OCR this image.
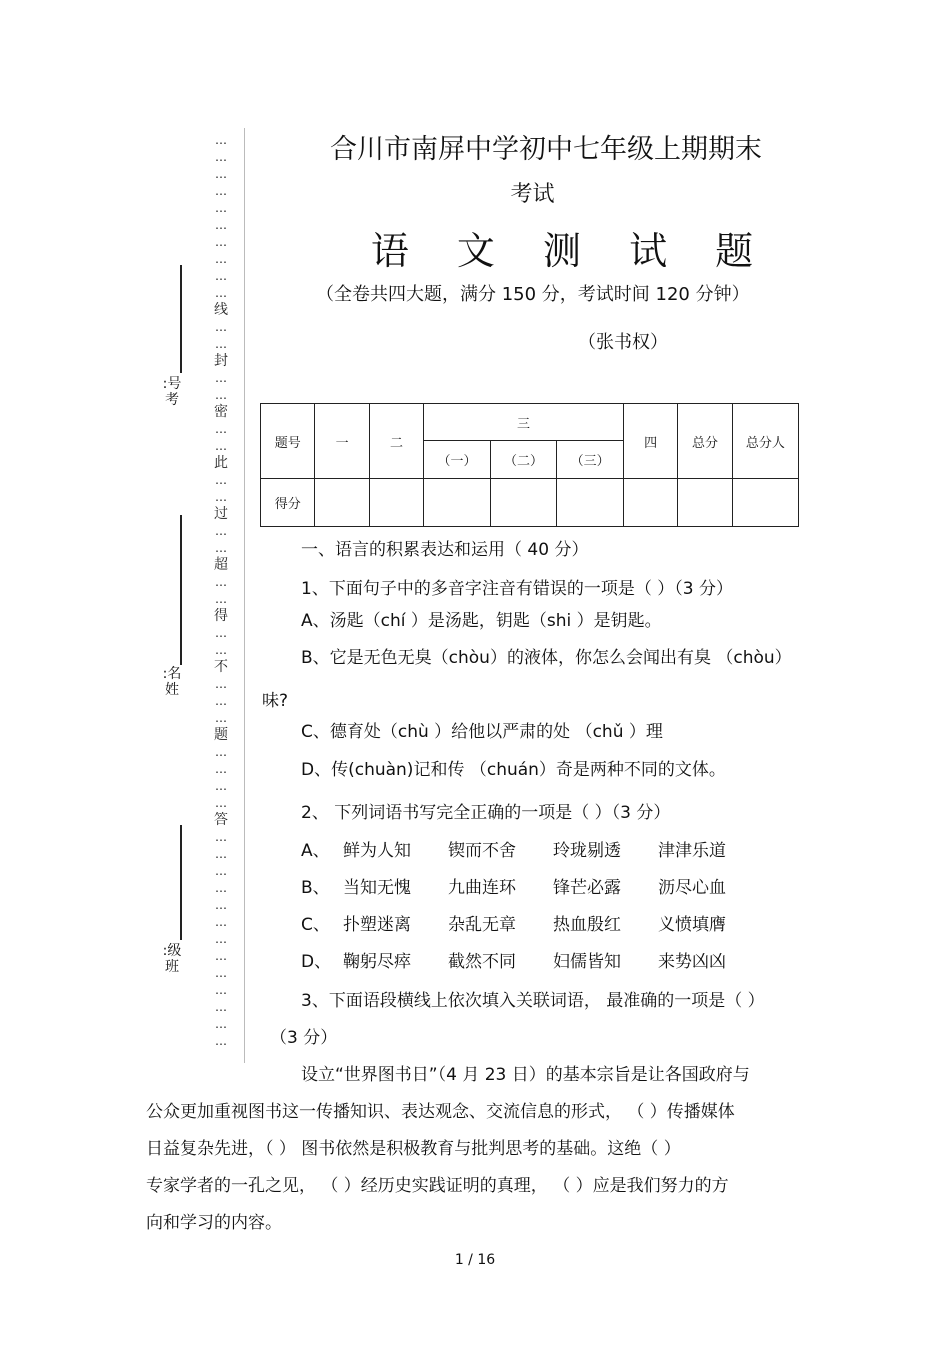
…
…
…
…
…
…
…
…
…
…
线
…
…
封
…
…
密
…
…
此
…
…
过
…
…
超
…
…
得
…
…
不
…
…
…
题
…
…
…
…
答
…
…
…
…
…
…
…
…
…
…
…
…
…
:号考
:名姓
:级班
合川市南屏中学初中七年级上期期末
考试
语 文 测 试 题
（全卷共四大题，满分 150 分，考试时间 120 分钟）
（张书权）
题号	一	二	三			四	总分	总分人
			（一）	（二）	（三）			
得分								
一、语言的积累表达和运用（ 40 分）
1、下面句子中的多音字注音有错误的一项是（ ）（3 分）
A、汤匙（chí ）是汤匙，钥匙（shi ）是钥匙。
B、它是无色无臭（chòu）的液体，你怎么会闻出有臭 （chòu）
味?
C、德育处（chù ）给他以严肃的处 （chǔ ）理
D、传(chuàn)记和传 （chuán）奇是两种不同的文体。
2、 下列词语书写完全正确的一项是（ ）（3 分）
A、 鲜为人知 锲而不舍 玲珑剔透 津津乐道
B、 当知无愧 九曲连环 锋芒必露 沥尽心血
C、 扑塑迷离 杂乱无章 热血殷红 义愤填膺
D、 鞠躬尽瘁 截然不同 妇儒皆知 来势凶凶
3、下面语段横线上依次填入关联词语， 最准确的一项是（ ）
（3 分）
设立“世界图书日”（4 月 23 日）的基本宗旨是让各国政府与
公众更加重视图书这一传播知识、表达观念、交流信息的形式， （ ）传播媒体
日益复杂先进，（ ） 图书依然是积极教育与批判思考的基础。这绝（ ）
专家学者的一孔之见， （ ）经历史实践证明的真理， （ ）应是我们努力的方
向和学习的内容。
1 / 16
